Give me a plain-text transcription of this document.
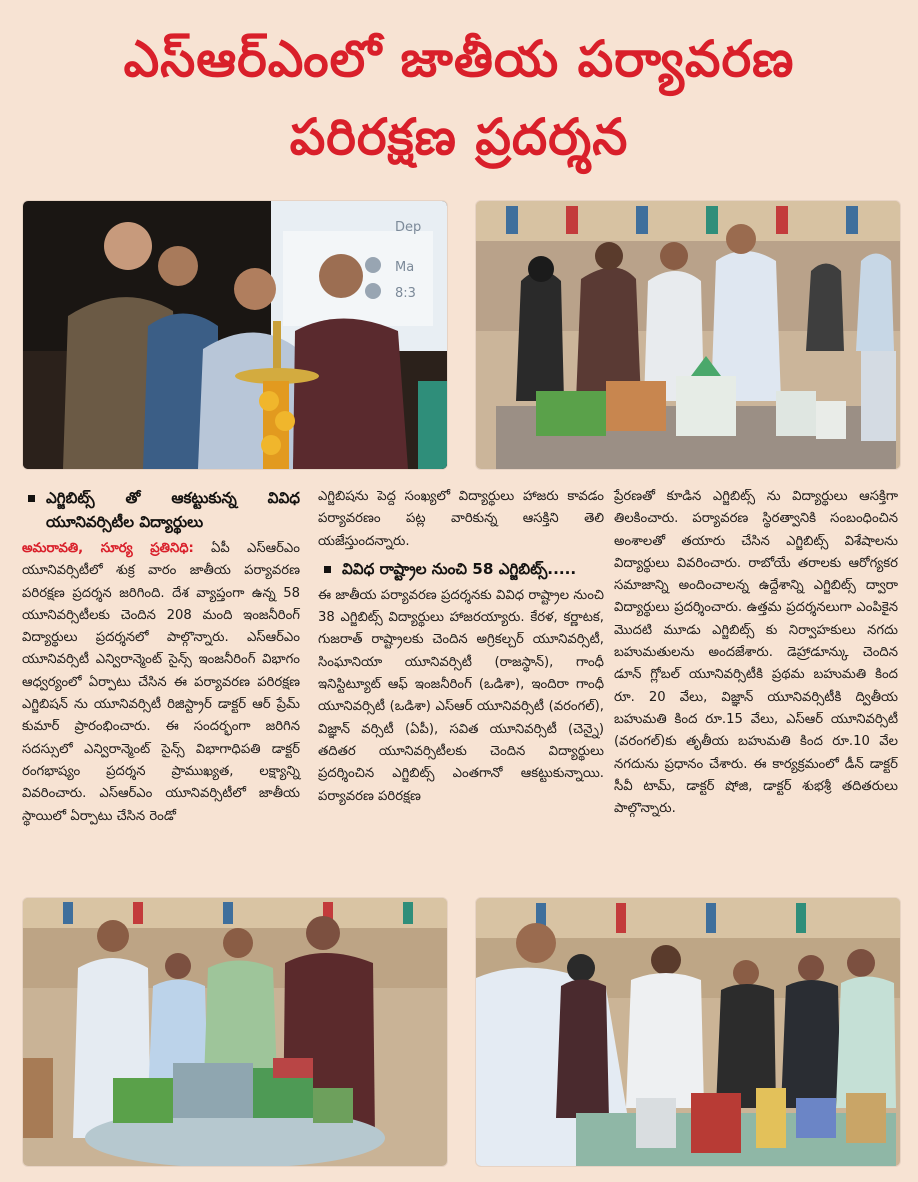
ఎస్ఆర్ఎంలో జాతీయ పర్యావరణ
పరిరక్షణ ప్రదర్శన
Dep
Ma
8:3
ఎగ్జిబిట్స్ తో ఆకట్టుకున్న వివిధ యూనివర్సిటీల విద్యార్థులు

అమరావతి, సూర్య ప్రతినిధి: ఏపీ ఎస్ఆర్ఎం యూనివర్సిటీలో శుక్ర వారం జాతీయ పర్యావరణ పరిరక్షణ ప్రదర్శన జరిగింది. దేశ వ్యాప్తంగా ఉన్న 58 యూనివర్సిటీలకు చెందిన 208 మంది ఇంజనీరింగ్ విద్యార్థులు ప్రదర్శనలో పాల్గొన్నారు. ఎస్ఆర్ఎం యూనివర్సిటీ ఎన్విరాన్మెంట్ సైన్స్ ఇంజనీరింగ్ విభాగం ఆధ్వర్యంలో ఏర్పాటు చేసిన ఈ పర్యావరణ పరిరక్షణ ఎగ్జిబిషన్ ను యూనివర్సిటీ రిజిస్ట్రార్ డాక్టర్ ఆర్ ప్రేమ్ కుమార్ ప్రారంభించారు. ఈ సందర్భంగా జరిగిన సదస్సులో ఎన్విరాన్మెంట్ సైన్స్ విభాగాధిపతి డాక్టర్ రంగభాష్యం ప్రదర్శన ప్రాముఖ్యత, లక్ష్యాన్ని వివరించారు. ఎస్ఆర్ఎం యూనివర్సిటీలో జాతీయ స్థాయిలో ఏర్పాటు చేసిన రెండో

ఎగ్జిబిషను పెద్ద సంఖ్యలో విద్యార్థులు హాజరు కావడం పర్యావరణం పట్ల వారికున్న ఆసక్తిని తెలి యజేస్తుందన్నారు.

వివిధ రాష్ట్రాల నుంచి 58 ఎగ్జిబిట్స్.....

ఈ జాతీయ పర్యావరణ ప్రదర్శనకు వివిధ రాష్ట్రాల నుంచి 38 ఎగ్జిబిట్స్ విద్యార్థులు హాజరయ్యారు. కేరళ, కర్ణాటక, గుజరాత్ రాష్ట్రాలకు చెందిన అగ్రికల్చర్ యూనివర్సిటీ, సింఘానియా యూనివర్సిటీ (రాజస్థాన్), గాంధీ ఇనిస్టిట్యూట్ ఆఫ్ ఇంజనీరింగ్ (ఒడిశా), ఇందిరా గాంధీ యూనివర్సిటీ (ఒడిశా) ఎస్ఆర్ యూనివర్సిటీ (వరంగల్), విజ్ఞాన్ వర్సిటీ (ఏపీ), సవిత యూనివర్సిటీ (చెన్నై) తదితర యూనివర్సిటీలకు చెందిన విద్యార్థులు ప్రదర్శించిన ఎగ్జిబిట్స్ ఎంతగానో ఆకట్టుకున్నాయి. పర్యావరణ పరిరక్షణ

ప్రేరణతో కూడిన ఎగ్జిబిట్స్ ను విద్యార్థులు ఆసక్తిగా తిలకించారు. పర్యావరణ స్థిరత్వానికి సంబంధించిన అంశాలతో తయారు చేసిన ఎగ్జిబిట్స్ విశేషాలను విద్యార్థులు వివరించారు. రాబోయే తరాలకు ఆరోగ్యకర సమాజాన్ని అందించాలన్న ఉద్దేశాన్ని ఎగ్జిబిట్స్ ద్వారా విద్యార్థులు ప్రదర్శించారు. ఉత్తమ ప్రదర్శనలుగా ఎంపికైన మొదటి మూడు ఎగ్జిబిట్స్ కు నిర్వాహకులు నగదు బహుమతులను అందజేశారు. డెహ్రాడూన్కు చెందిన డూన్ గ్లోబల్ యూనివర్సిటీకి ప్రథమ బహుమతి కింద రూ. 20 వేలు, విజ్ఞాన్ యూనివర్సిటీకి ద్వితీయ బహుమతి కింద రూ.15 వేలు, ఎస్ఆర్ యూనివర్సిటీ (వరంగల్)కు తృతీయ బహుమతి కింద రూ.10 వేల నగదును ప్రధానం చేశారు. ఈ కార్యక్రమంలో డీన్ డాక్టర్ సీవీ టామ్, డాక్టర్ షోజి, డాక్టర్ శుభశ్రీ తదితరులు పాల్గొన్నారు.
